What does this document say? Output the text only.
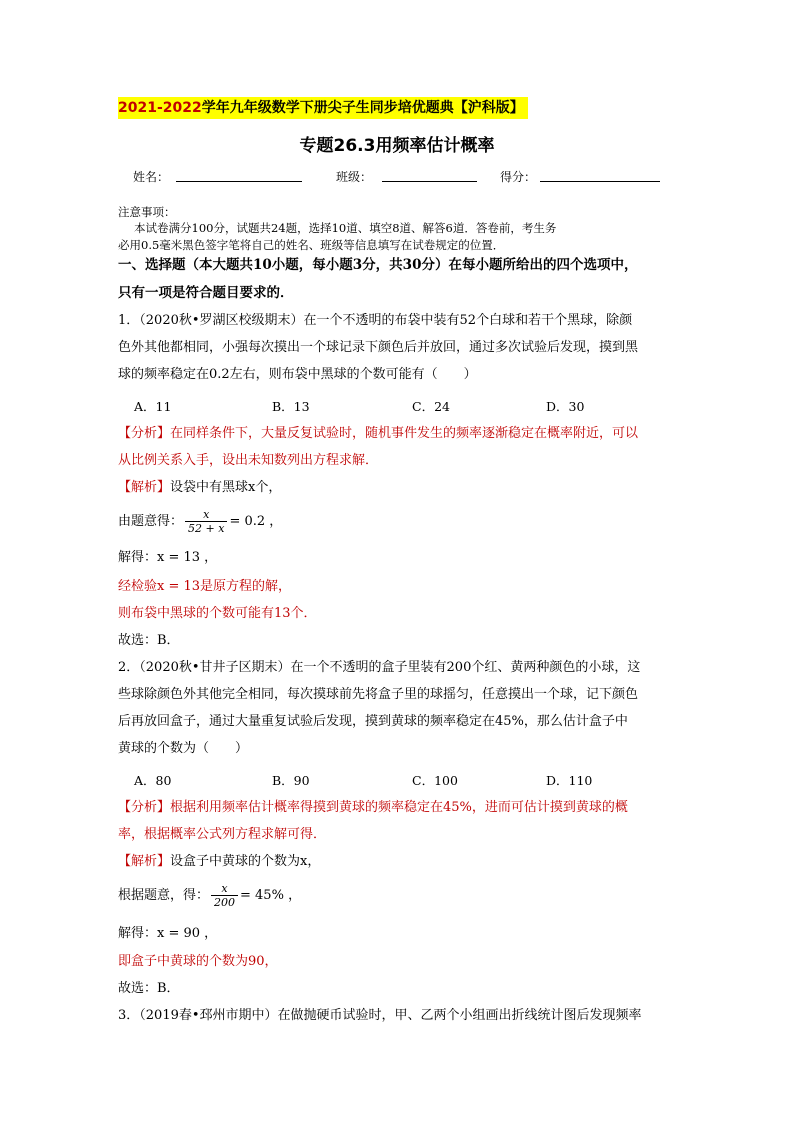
2021-2022学年九年级数学下册尖子生同步培优题典【沪科版】
专题26.3用频率估计概率
姓名：	班级：	得分：
注意事项：
本试卷满分100分，试题共24题，选择10道、填空8道、解答6道．答卷前，考生务
必用0.5毫米黑色签字笔将自己的姓名、班级等信息填写在试卷规定的位置．
一、选择题（本大题共10小题，每小题3分，共30分）在每小题所给出的四个选项中，
只有一项是符合题目要求的．
1．（2020秋•罗湖区校级期末）在一个不透明的布袋中装有52个白球和若干个黑球，除颜
色外其他都相同，小强每次摸出一个球记录下颜色后并放回，通过多次试验后发现，摸到黑
球的频率稳定在0.2左右，则布袋中黑球的个数可能有（　　）
A．11	B．13	C．24	D．30
【分析】在同样条件下，大量反复试验时，随机事件发生的频率逐渐稳定在概率附近，可以
从比例关系入手，设出未知数列出方程求解．
【解析】设袋中有黑球x个，
由题意得： $\frac{x}{52 + x} = 0.2$ ，
解得：x = 13 ，
经检验x = 13是原方程的解，
则布袋中黑球的个数可能有13个．
故选：B．
2．（2020秋•甘井子区期末）在一个不透明的盒子里装有200个红、黄两种颜色的小球，这
些球除颜色外其他完全相同，每次摸球前先将盒子里的球摇匀，任意摸出一个球，记下颜色
后再放回盒子，通过大量重复试验后发现，摸到黄球的频率稳定在45%，那么估计盒子中
黄球的个数为（　　）
A．80	B．90	C．100	D．110
【分析】根据利用频率估计概率得摸到黄球的频率稳定在45%，进而可估计摸到黄球的概
率，根据概率公式列方程求解可得．
【解析】设盒子中黄球的个数为x，
根据题意，得： $\frac{x}{200} = 45\%$ ，
解得：x = 90 ，
即盒子中黄球的个数为90，
故选：B．
3．（2019春•邳州市期中）在做抛硬币试验时，甲、乙两个小组画出折线统计图后发现频率
